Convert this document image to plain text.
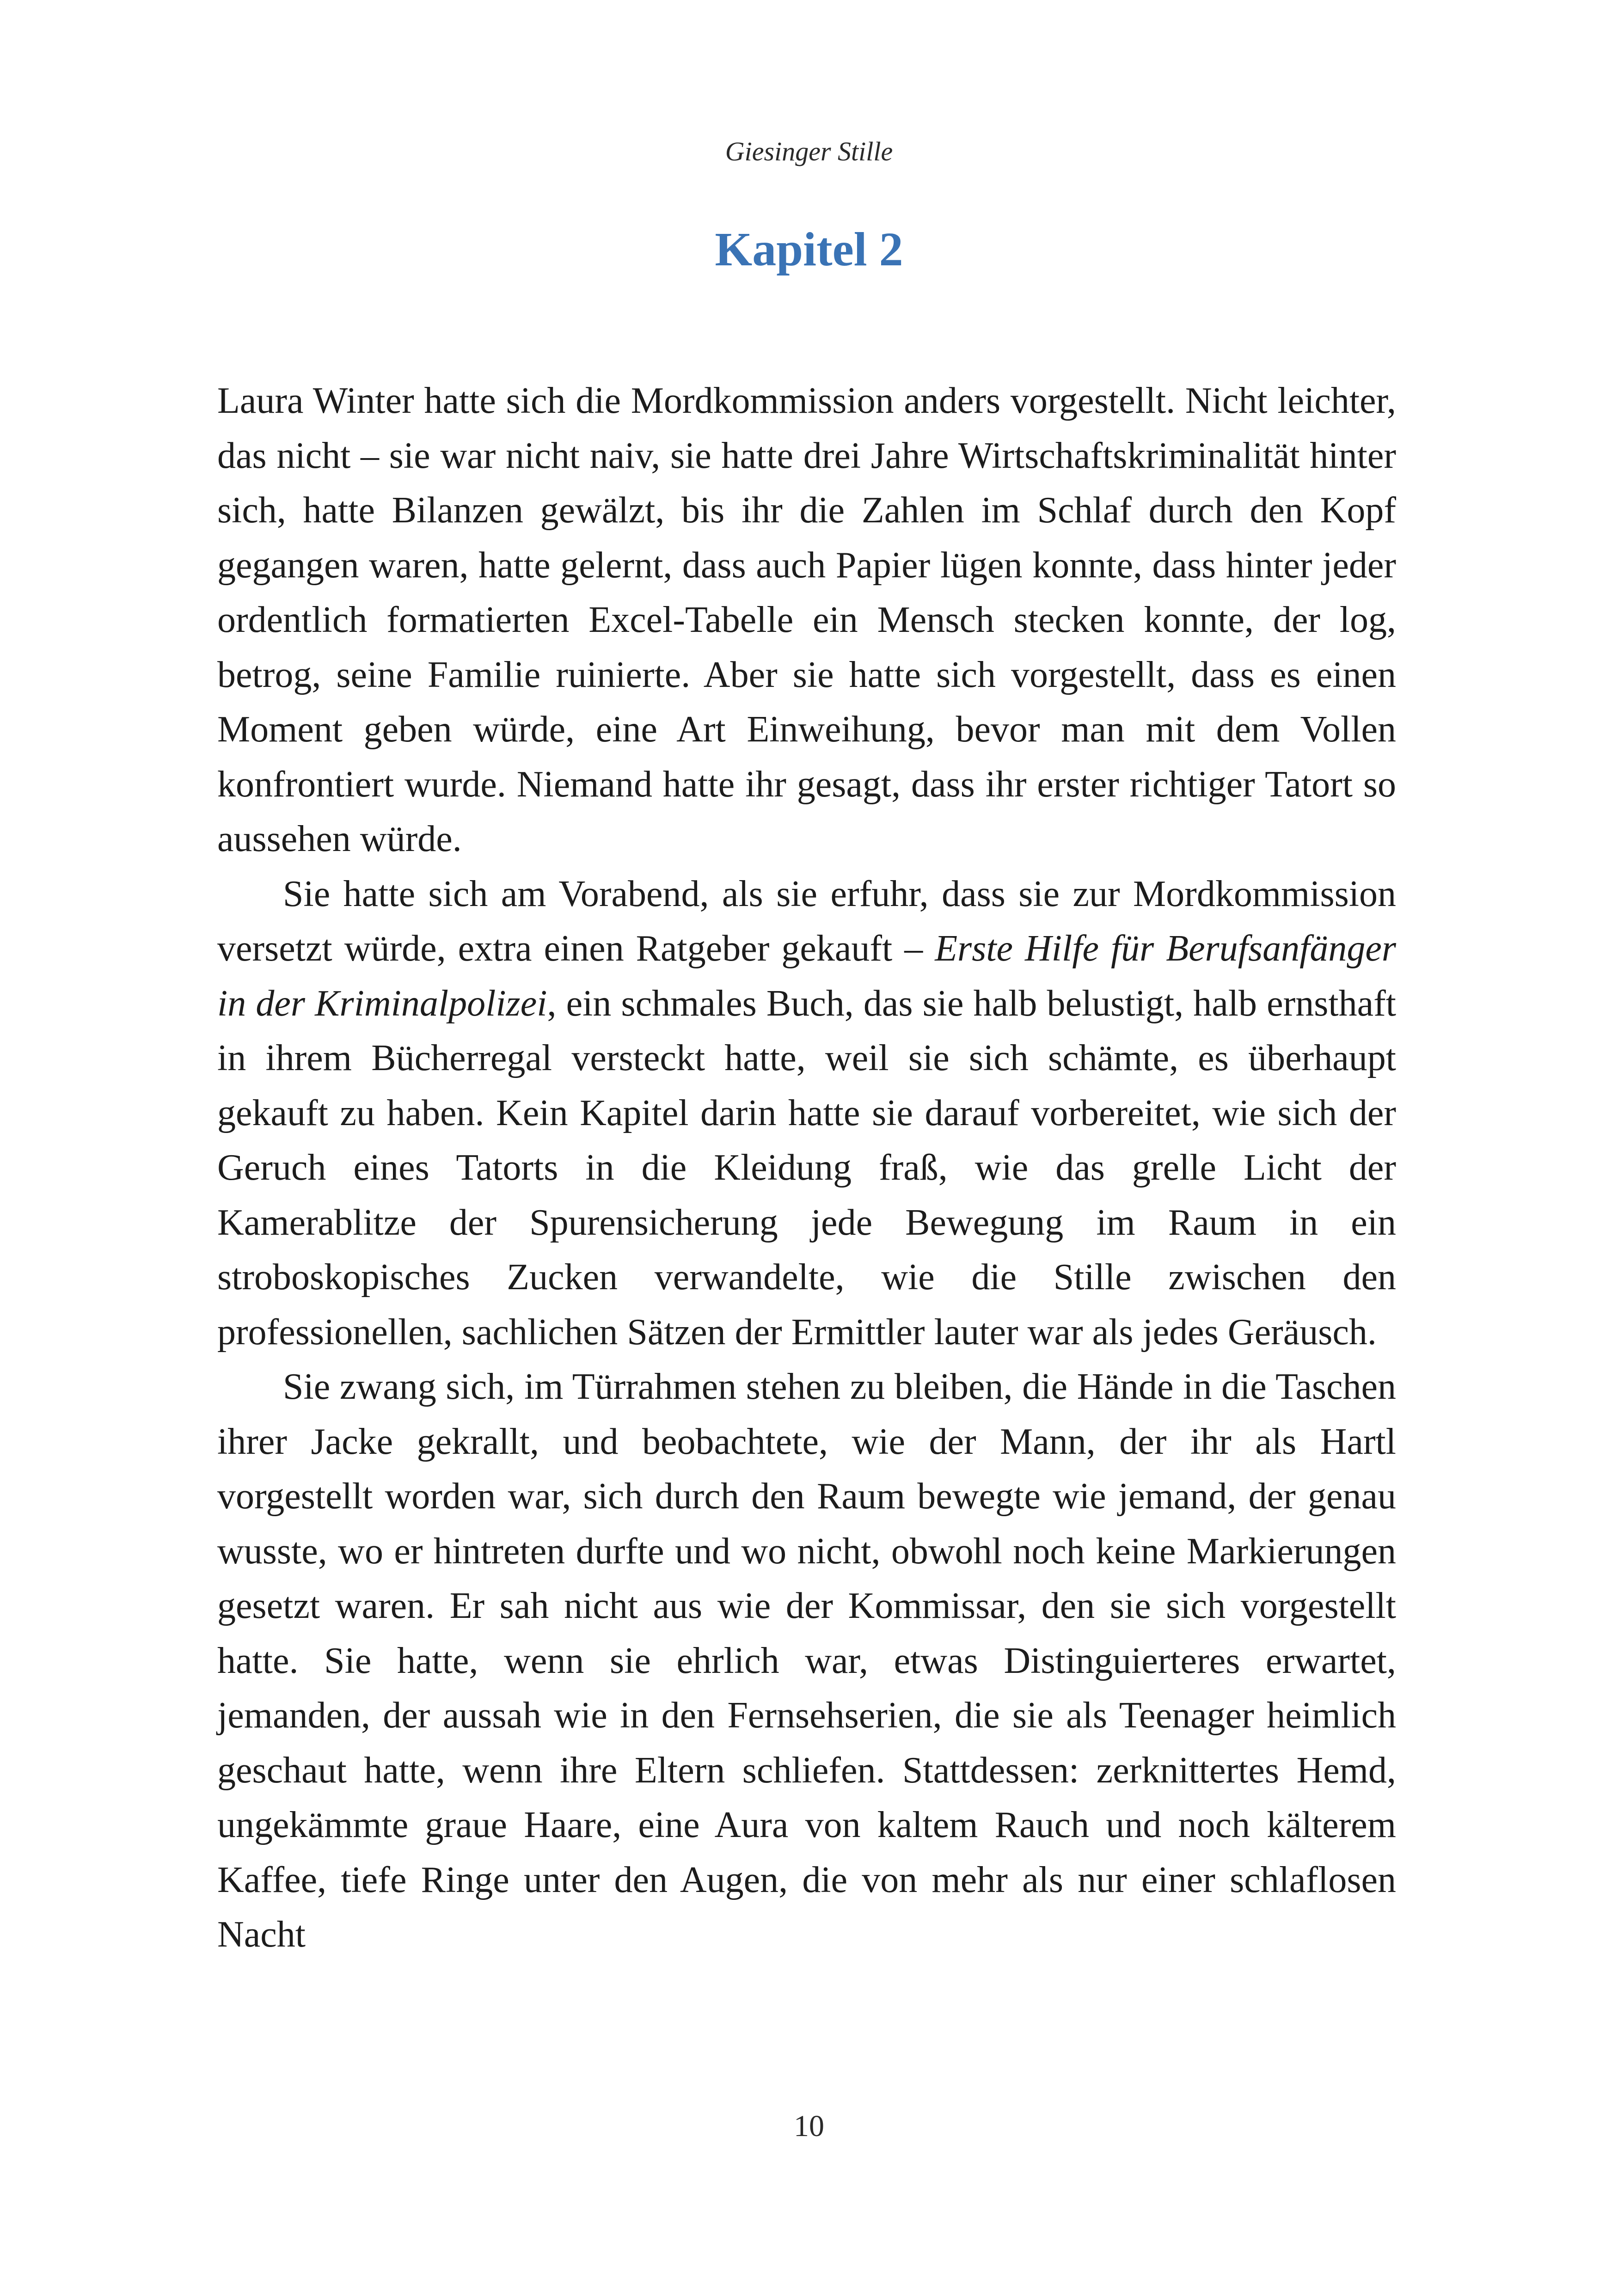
Giesinger Stille
Kapitel 2

Laura Winter hatte sich die Mordkommission anders vorgestellt. Nicht leichter, das nicht – sie war nicht naiv, sie hatte drei Jahre Wirtschaftskriminalität hinter sich, hatte Bilanzen gewälzt, bis ihr die Zahlen im Schlaf durch den Kopf gegangen waren, hatte gelernt, dass auch Papier lügen konnte, dass hinter jeder ordentlich formatierten Excel-Tabelle ein Mensch stecken konnte, der log, betrog, seine Familie ruinierte. Aber sie hatte sich vorgestellt, dass es einen Moment geben würde, eine Art Einweihung, bevor man mit dem Vollen konfrontiert wurde. Niemand hatte ihr gesagt, dass ihr erster richtiger Tatort so aussehen würde.

Sie hatte sich am Vorabend, als sie erfuhr, dass sie zur Mordkommission versetzt würde, extra einen Ratgeber gekauft – Erste Hilfe für Berufsanfänger in der Kriminalpolizei, ein schmales Buch, das sie halb belustigt, halb ernsthaft in ihrem Bücherregal versteckt hatte, weil sie sich schämte, es überhaupt gekauft zu haben. Kein Kapitel darin hatte sie darauf vorbereitet, wie sich der Geruch eines Tatorts in die Kleidung fraß, wie das grelle Licht der Kamerablitze der Spurensicherung jede Bewegung im Raum in ein stroboskopisches Zucken verwandelte, wie die Stille zwischen den professionellen, sachlichen Sätzen der Ermittler lauter war als jedes Geräusch.

Sie zwang sich, im Türrahmen stehen zu bleiben, die Hände in die Taschen ihrer Jacke gekrallt, und beobachtete, wie der Mann, der ihr als Hartl vorgestellt worden war, sich durch den Raum bewegte wie jemand, der genau wusste, wo er hintreten durfte und wo nicht, obwohl noch keine Markierungen gesetzt waren. Er sah nicht aus wie der Kommissar, den sie sich vorgestellt hatte. Sie hatte, wenn sie ehrlich war, etwas Distinguierteres erwartet, jemanden, der aussah wie in den Fernsehserien, die sie als Teenager heimlich geschaut hatte, wenn ihre Eltern schliefen. Stattdessen: zerknittertes Hemd, ungekämmte graue Haare, eine Aura von kaltem Rauch und noch kälterem Kaffee, tiefe Ringe unter den Augen, die von mehr als nur einer schlaflosen Nacht

10
